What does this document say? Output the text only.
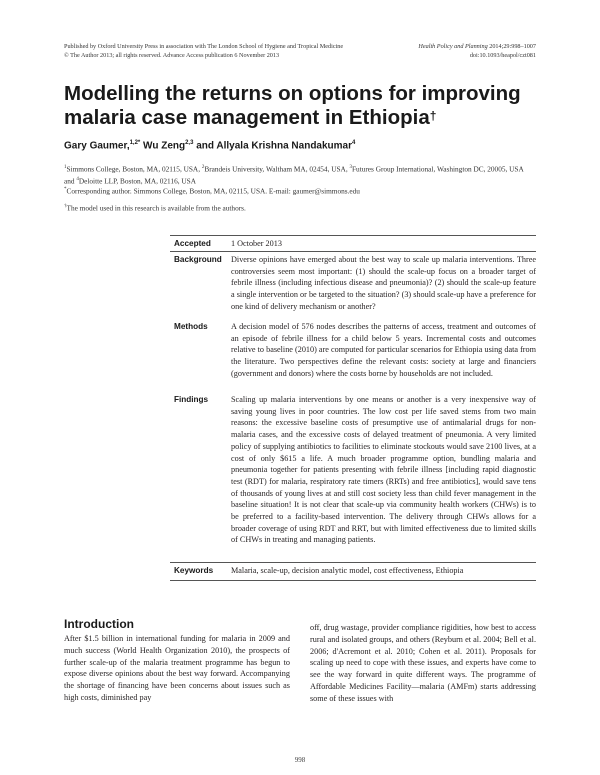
Published by Oxford University Press in association with The London School of Hygiene and Tropical Medicine
© The Author 2013; all rights reserved. Advance Access publication 6 November 2013
Health Policy and Planning 2014;29:998–1007
doi:10.1093/heapol/czt081
Modelling the returns on options for improving malaria case management in Ethiopia†
Gary Gaumer,$^{1,2*}$ Wu Zeng$^{2,3}$ and Allyala Krishna Nandakumar$^4$
$^1$Simmons College, Boston, MA, 02115, USA, $^2$Brandeis University, Waltham MA, 02454, USA, $^3$Futures Group International, Washington DC, 20005, USA and $^4$Deloitte LLP, Boston, MA, 02116, USA
*Corresponding author. Simmons College, Boston, MA, 02115, USA. E-mail: gaumer@simmons.edu
†The model used in this research is available from the authors.
Accepted 1 October 2013
Background Diverse opinions have emerged about the best way to scale up malaria interventions. Three controversies seem most important: (1) should the scale-up focus on a broader target of febrile illness (including infectious disease and pneumonia)? (2) should the scale-up feature a single intervention or be targeted to the situation? (3) should scale-up have a preference for one kind of delivery mechanism or another?
Methods	A decision model of 576 nodes describes the patterns of access, treatment and outcomes of an episode of febrile illness for a child below 5 years. Incremental costs and outcomes relative to baseline (2010) are computed for particular scenarios for Ethiopia using data from the literature. Two perspectives define the relevant costs: society at large and financiers (government and donors) where the costs borne by households are not included.
Findings	Scaling up malaria interventions by one means or another is a very inexpensive way of saving young lives in poor countries. The low cost per life saved stems from two main reasons: the excessive baseline costs of presumptive use of antimalarial drugs for non-malaria cases, and the excessive costs of delayed treatment of pneumonia. A very limited policy of supplying antibiotics to facilities to eliminate stockouts would save 2100 lives, at a cost of only $615 a life. A much broader programme option, bundling malaria and pneumonia together for patients presenting with febrile illness [including rapid diagnostic test (RDT) for malaria, respiratory rate timers (RRTs) and free antibiotics], would save tens of thousands of young lives at and still cost society less than child fever management in the baseline situation! It is not clear that scale-up via community health workers (CHWs) is to be preferred to a facility-based intervention. The delivery through CHWs allows for a broader coverage of using RDT and RRT, but with limited effectiveness due to limited skills of CHWs in treating and managing patients.
Keywords Malaria, scale-up, decision analytic model, cost effectiveness, Ethiopia
Introduction
After $1.5 billion in international funding for malaria in 2009 and much success (World Health Organization 2010), the prospects of further scale-up of the malaria treatment programme has begun to expose diverse opinions about the best way forward. Accompanying the shortage of financing have been concerns about issues such as high costs, diminished pay
off, drug wastage, provider compliance rigidities, how best to access rural and isolated groups, and others (Reyburn et al. 2004; Bell et al. 2006; d'Acremont et al. 2010; Cohen et al. 2011). Proposals for scaling up need to cope with these issues, and experts have come to see the way forward in quite different ways. The programme of Affordable Medicines Facility—malaria (AMFm) starts addressing some of these issues with
998
